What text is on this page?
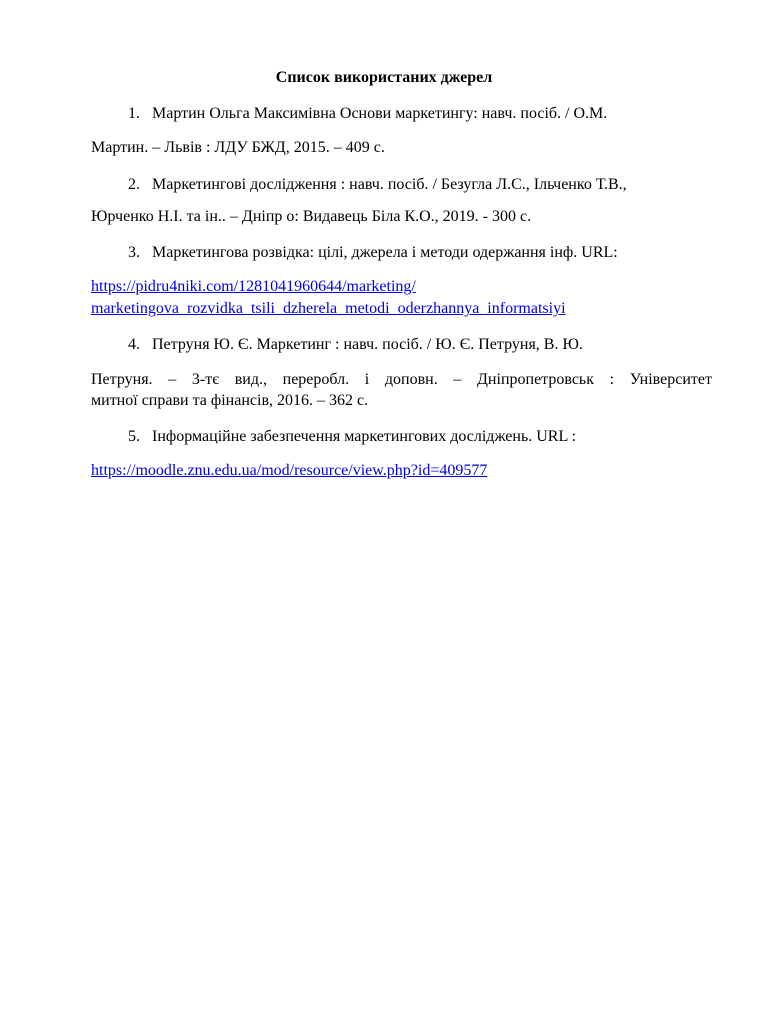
Список використаних джерел
1. Мартин Ольга Максимівна Основи маркетингу: навч. посіб. / О.М.
Мартин. – Львів : ЛДУ БЖД, 2015. – 409 с.
2. Маркетингові дослідження : навч. посіб. / Безугла Л.С., Ільченко Т.В.,
Юрченко Н.І. та ін.. – Дніпр о: Видавець Біла К.О., 2019. - 300 с.
3. Маркетингова розвідка: цілі, джерела і методи одержання інф. URL:
https://pidru4niki.com/1281041960644/marketing/
marketingova_rozvidka_tsili_dzherela_metodi_oderzhannya_informatsiyi
4. Петруня Ю. Є. Маркетинг : навч. посіб. / Ю. Є. Петруня, В. Ю.
Петруня. – 3-тє вид., переробл. і доповн. – Дніпропетровськ : Університет
митної справи та фінансів, 2016. – 362 с.
5. Інформаційне забезпечення маркетингових досліджень. URL :
https://moodle.znu.edu.ua/mod/resource/view.php?id=409577
